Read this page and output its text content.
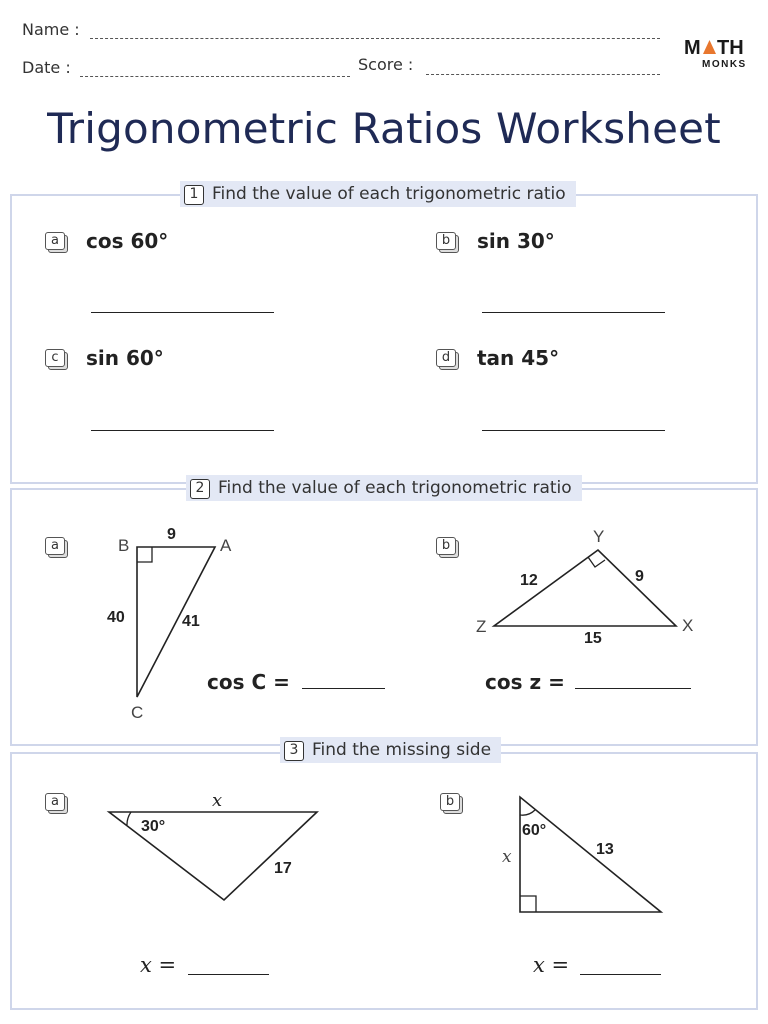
Name :
Date :	Score :
M TH
MONKS
Trigonometric Ratios Worksheet
1 Find the value of each trigonometric ratio
a	cos 60°	b sin 30°
c	sin 60°	d tan 45°
2 Find the value of each trigonometric ratio
a	B	A
C
9
40	41
cos C =
b	Y
Z	X
12	9
15
cos z =
3 Find the missing side
a
30°
x
17
x =
b
60°
x	13
x =
